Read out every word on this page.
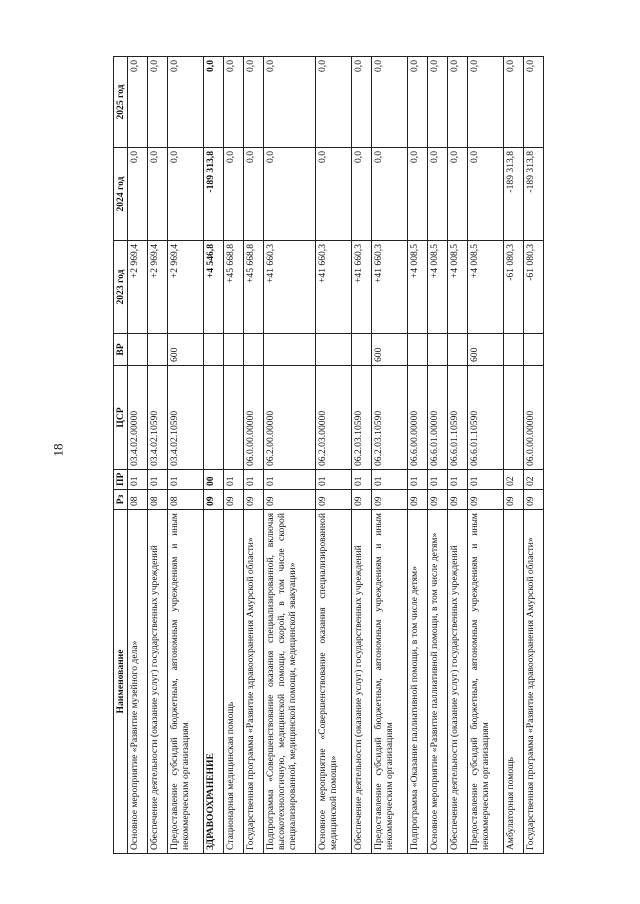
18
Наименование	Рз	ПР	ЦСР	ВР	2023 год	2024 год	2025 год
Основное мероприятие «Развитие музейного дела»	08	01	03.4.02.00000		+2 969,4	0,0	0,0
Обеспечение деятельности (оказание услуг) государственных учреждений	08	01	03.4.02.10590		+2 969,4	0,0	0,0
Предоставление субсидий бюджетным, автономным учреждениям и иным некоммерческим организациям	08	01	03.4.02.10590	600	+2 969,4	0,0	0,0
ЗДРАВООХРАНЕНИЕ	09	00			+4 546,8	-189 313,8	0,0
Стационарная медицинская помощь	09	01			+45 668,8	0,0	0,0
Государственная программа «Развитие здравоохранения Амурской области»	09	01	06.0.00.00000		+45 668,8	0,0	0,0
Подпрограмма «Совершенствование оказания специализированной, включая высокотехнологичную, медицинской помощи, скорой, в том числе скорой специализированной, медицинской помощи, медицинской эвакуации»	09	01	06.2.00.00000		+41 660,3	0,0	0,0
Основное мероприятие «Совершенствование оказания специализированной медицинской помощи»	09	01	06.2.03.00000		+41 660,3	0,0	0,0
Обеспечение деятельности (оказание услуг) государственных учреждений	09	01	06.2.03.10590		+41 660,3	0,0	0,0
Предоставление субсидий бюджетным, автономным учреждениям и иным некоммерческим организациям	09	01	06.2.03.10590	600	+41 660,3	0,0	0,0
Подпрограмма «Оказание паллиативной помощи, в том числе детям»	09	01	06.6.00.00000		+4 008,5	0,0	0,0
Основное мероприятие «Развитие паллиативной помощи, в том числе детям»	09	01	06.6.01.00000		+4 008,5	0,0	0,0
Обеспечение деятельности (оказание услуг) государственных учреждений	09	01	06.6.01.10590		+4 008,5	0,0	0,0
Предоставление субсидий бюджетным, автономным учреждениям и иным некоммерческим организациям	09	01	06.6.01.10590	600	+4 008,5	0,0	0,0
Амбулаторная помощь	09	02			-61 080,3	-189 313,8	0,0
Государственная программа «Развитие здравоохранения Амурской области»	09	02	06.0.00.00000		-61 080,3	-189 313,8	0,0
